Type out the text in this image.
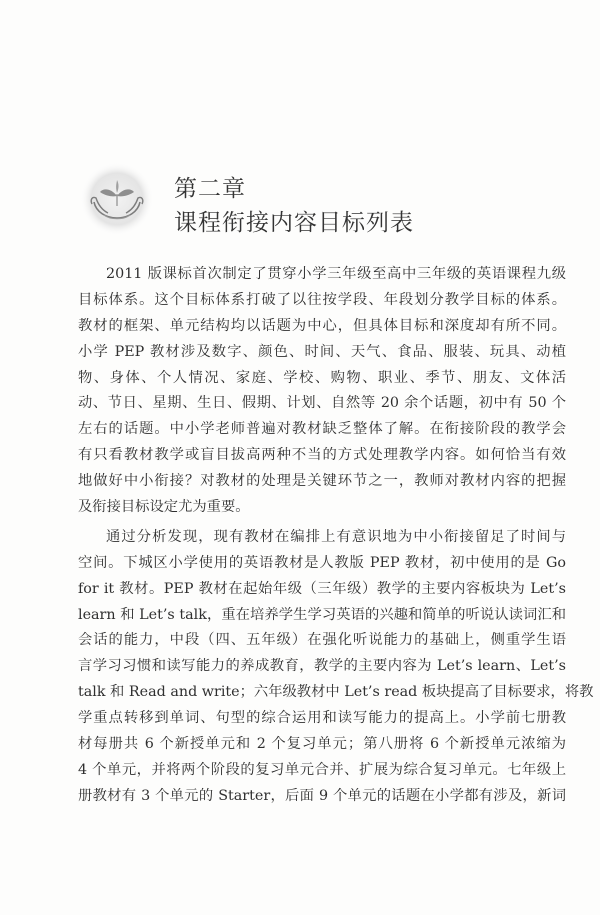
第二章
课程衔接内容目标列表
2011 版课标首次制定了贯穿小学三年级至高中三年级的英语课程九级
目标体系。这个目标体系打破了以往按学段、年段划分教学目标的体系。
教材的框架、单元结构均以话题为中心，但具体目标和深度却有所不同。
小学 PEP 教材涉及数字、颜色、时间、天气、食品、服装、玩具、动植
物、身体、个人情况、家庭、学校、购物、职业、季节、朋友、文体活
动、节日、星期、生日、假期、计划、自然等 20 余个话题，初中有 50 个
左右的话题。中小学老师普遍对教材缺乏整体了解。在衔接阶段的教学会
有只看教材教学或盲目拔高两种不当的方式处理教学内容。如何恰当有效
地做好中小衔接？对教材的处理是关键环节之一，教师对教材内容的把握
及衔接目标设定尤为重要。
通过分析发现，现有教材在编排上有意识地为中小衔接留足了时间与
空间。下城区小学使用的英语教材是人教版 PEP 教材，初中使用的是 Go
for it 教材。PEP 教材在起始年级（三年级）教学的主要内容板块为 Let’s
learn 和 Let’s talk，重在培养学生学习英语的兴趣和简单的听说认读词汇和
会话的能力，中段（四、五年级）在强化听说能力的基础上，侧重学生语
言学习习惯和读写能力的养成教育，教学的主要内容为 Let’s learn、Let’s
talk 和 Read and write；六年级教材中 Let’s read 板块提高了目标要求，将教
学重点转移到单词、句型的综合运用和读写能力的提高上。小学前七册教
材每册共 6 个新授单元和 2 个复习单元；第八册将 6 个新授单元浓缩为
4 个单元，并将两个阶段的复习单元合并、扩展为综合复习单元。七年级上
册教材有 3 个单元的 Starter，后面 9 个单元的话题在小学都有涉及，新词
